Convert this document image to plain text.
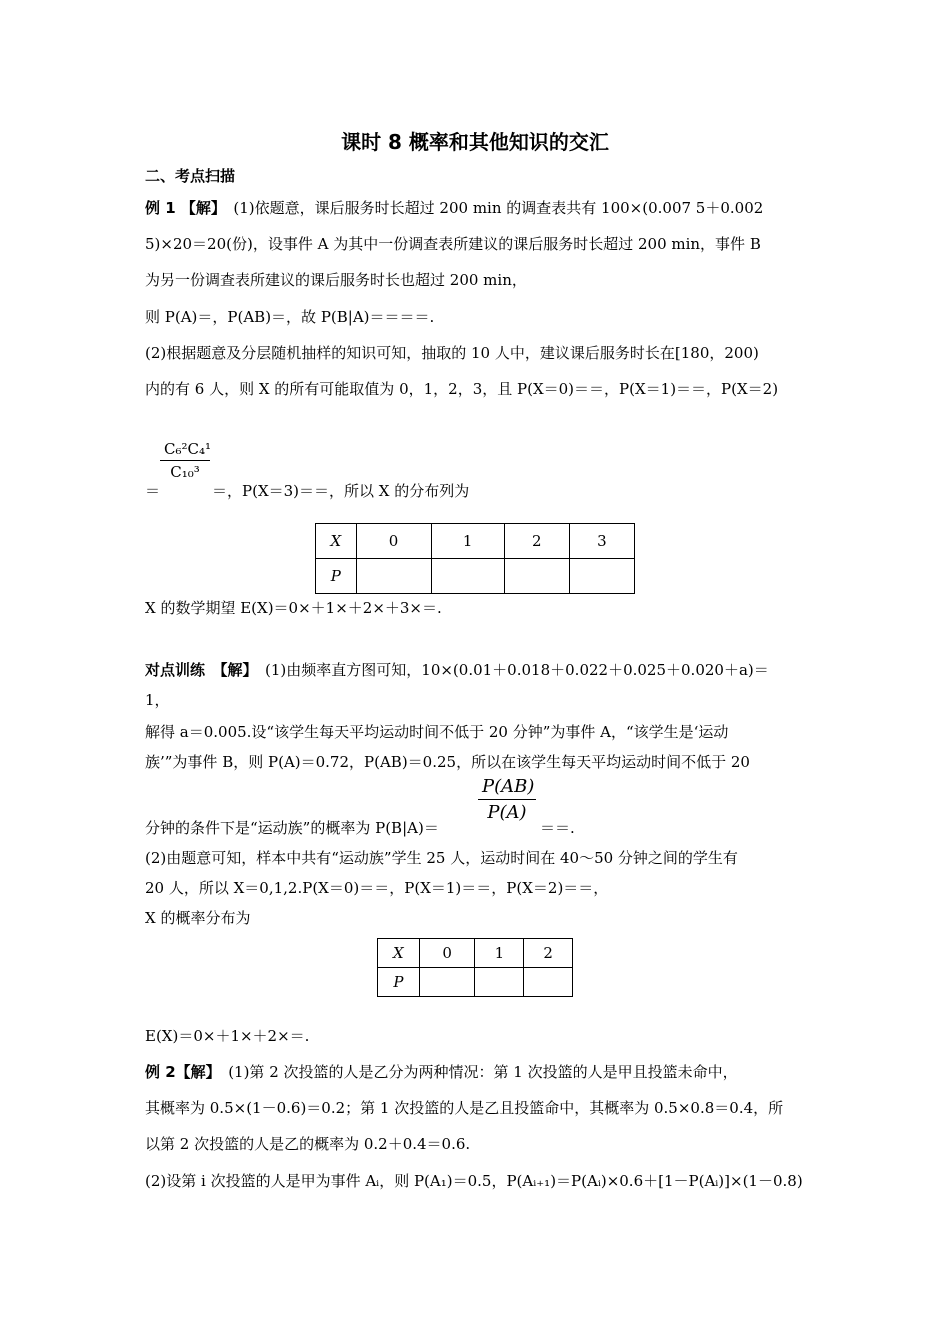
课时 8 概率和其他知识的交汇
二、考点扫描
例 1 【解】　 (1)依题意，课后服务时长超过 200 min 的调查表共有 100×(0.007 5＋0.002
5)×20＝20(份)，设事件 A 为其中一份调查表所建议的课后服务时长超过 200 min，事件 B
为另一份调查表所建议的课后服务时长也超过 200 min，
则 P(A)＝，P(AB)＝，故 P(B|A)＝＝＝＝.
(2)根据题意及分层随机抽样的知识可知，抽取的 10 人中，建议课后服务时长在[180，200)
内的有 6 人，则 X 的所有可能取值为 0，1，2，3，且 P(X＝0)＝＝，P(X＝1)＝＝，P(X＝2)
＝
$\frac{\text{C₆²C₄¹}}{\text{C₁₀³}}$
＝，P(X＝3)＝＝，所以 X 的分布列为
X	0	1	2	3
P				
X 的数学期望 E(X)＝0×＋1×＋2×＋3×＝.
对点训练　【解】　 (1)由频率直方图可知，10×(0.01＋0.018＋0.022＋0.025＋0.020＋a)＝
1，
解得 a＝0.005.设“该学生每天平均运动时间不低于 20 分钟”为事件 A，“该学生是‘运动
族’”为事件 B，则 P(A)＝0.72，P(AB)＝0.25，所以在该学生每天平均运动时间不低于 20
分钟的条件下是“运动族”的概率为 P(B|A)＝
$\frac{P(AB)}{P(A)}$
＝＝.
(2)由题意可知，样本中共有“运动族”学生 25 人，运动时间在 40～50 分钟之间的学生有
20 人，所以 X＝0,1,2.P(X＝0)＝＝，P(X＝1)＝＝，P(X＝2)＝＝，
X 的概率分布为
X	0	1	2
P			
E(X)＝0×＋1×＋2×＝.
例 2【解】　 (1)第 2 次投篮的人是乙分为两种情况：第 1 次投篮的人是甲且投篮未命中，
其概率为 0.5×(1－0.6)＝0.2；第 1 次投篮的人是乙且投篮命中，其概率为 0.5×0.8＝0.4，所
以第 2 次投篮的人是乙的概率为 0.2＋0.4＝0.6.
(2)设第 i 次投篮的人是甲为事件 Aᵢ，则 P(A₁)＝0.5，P(Aᵢ₊₁)＝P(Aᵢ)×0.6＋[1－P(Aᵢ)]×(1－0.8)
